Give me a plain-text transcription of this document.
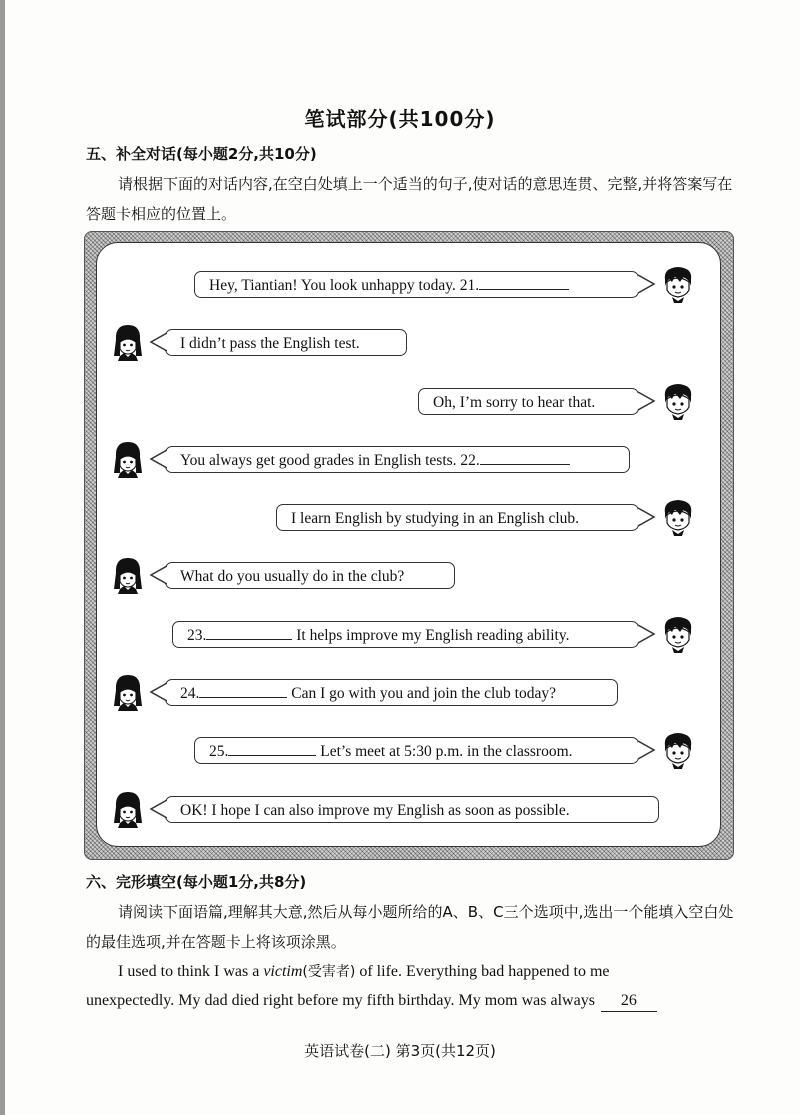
笔试部分(共100分)
五、补全对话(每小题2分,共10分)
请根据下面的对话内容,在空白处填上一个适当的句子,使对话的意思连贯、完整,并将答案写在答题卡相应的位置上。
Hey, Tiantian! You look unhappy today. 21.
I didn’t pass the English test.
Oh, I’m sorry to hear that.
You always get good grades in English tests. 22.
I learn English by studying in an English club.
What do you usually do in the club?
23.	It helps improve my English reading ability.
24.	Can I go with you and join the club today?
25.	Let’s meet at 5:30 p.m. in the classroom.
OK! I hope I can also improve my English as soon as possible.
六、完形填空(每小题1分,共8分)
请阅读下面语篇,理解其大意,然后从每小题所给的A、B、C三个选项中,选出一个能填入空白处的最佳选项,并在答题卡上将该项涂黑。
I used to think I was a victim(受害者) of life. Everything bad happened to me
unexpectedly. My dad died right before my fifth birthday. My mom was always 26
英语试卷(二) 第3页(共12页)
